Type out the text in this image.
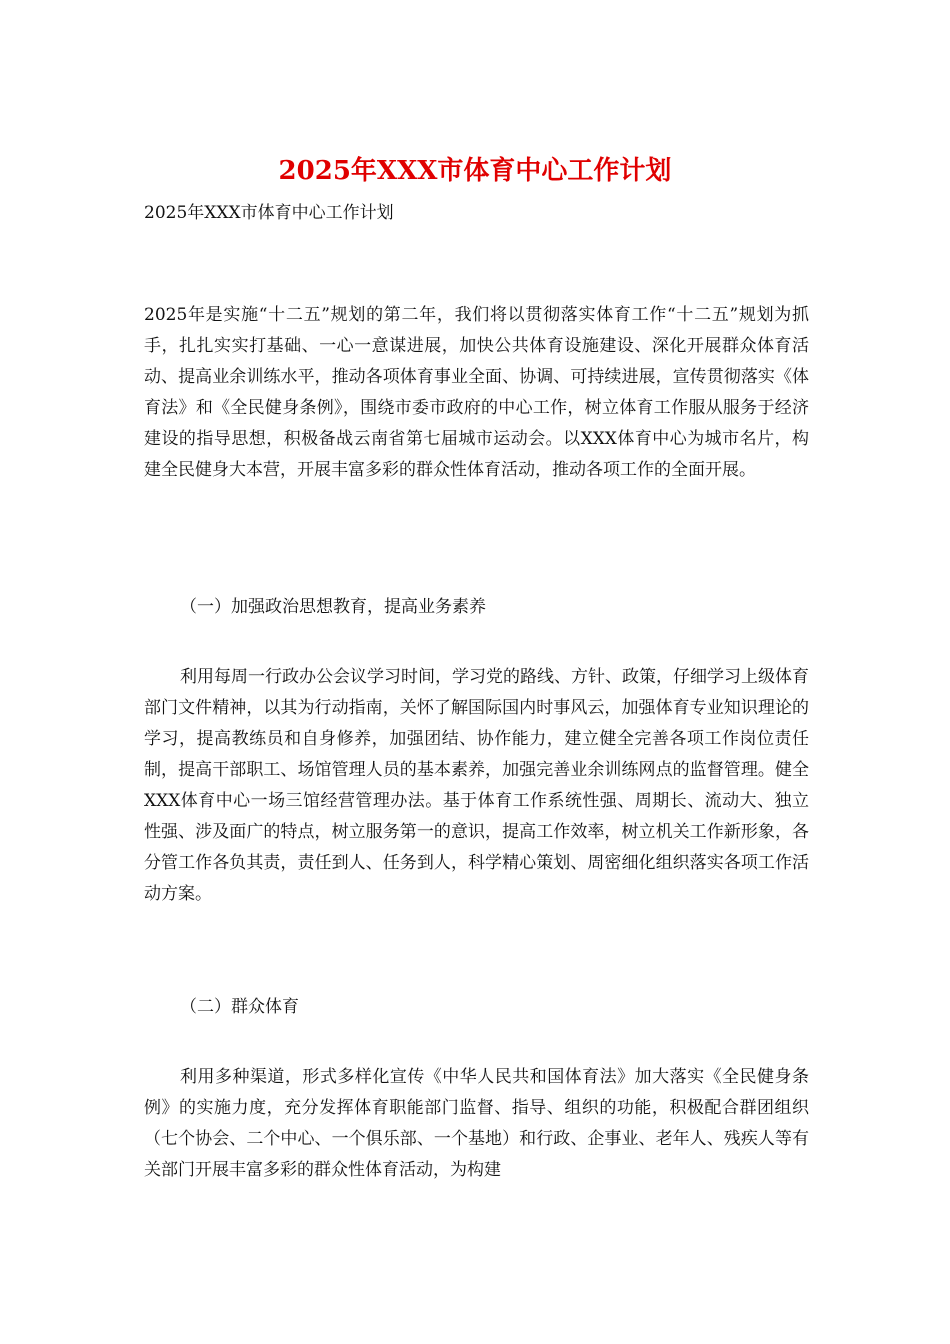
2025年XXX市体育中心工作计划
2025年XXX市体育中心工作计划

2025年是实施“十二五”规划的第二年，我们将以贯彻落实体育工作“十二五”规划为抓手，扎扎实实打基础、一心一意谋进展，加快公共体育设施建设、深化开展群众体育活动、提高业余训练水平，推动各项体育事业全面、协调、可持续进展，宣传贯彻落实《体育法》和《全民健身条例》，围绕市委市政府的中心工作，树立体育工作服从服务于经济建设的指导思想，积极备战云南省第七届城市运动会。以XXX体育中心为城市名片，构建全民健身大本营，开展丰富多彩的群众性体育活动，推动各项工作的全面开展。

（一）加强政治思想教育，提高业务素养

利用每周一行政办公会议学习时间，学习党的路线、方针、政策，仔细学习上级体育部门文件精神，以其为行动指南，关怀了解国际国内时事风云，加强体育专业知识理论的学习，提高教练员和自身修养，加强团结、协作能力，建立健全完善各项工作岗位责任制，提高干部职工、场馆管理人员的基本素养，加强完善业余训练网点的监督管理。健全XXX体育中心一场三馆经营管理办法。基于体育工作系统性强、周期长、流动大、独立性强、涉及面广的特点，树立服务第一的意识，提高工作效率，树立机关工作新形象，各分管工作各负其责，责任到人、任务到人，科学精心策划、周密细化组织落实各项工作活动方案。

（二）群众体育

利用多种渠道，形式多样化宣传《中华人民共和国体育法》加大落实《全民健身条例》的实施力度，充分发挥体育职能部门监督、指导、组织的功能，积极配合群团组织（七个协会、二个中心、一个俱乐部、一个基地）和行政、企事业、老年人、残疾人等有关部门开展丰富多彩的群众性体育活动，为构建
